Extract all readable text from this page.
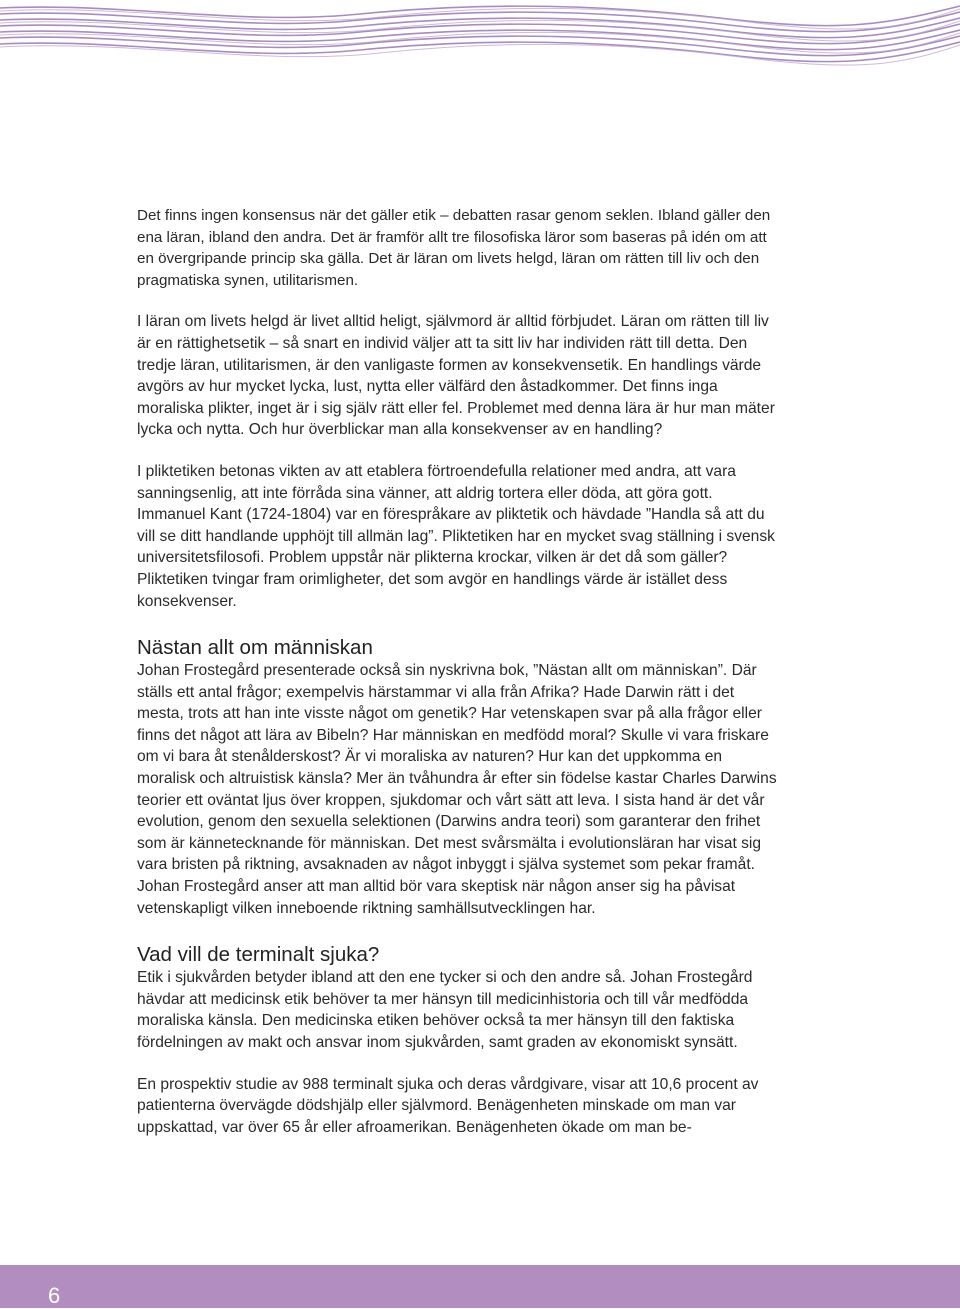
Det finns ingen konsensus när det gäller etik – debatten rasar genom seklen. Ibland gäller den ena läran, ibland den andra. Det är framför allt tre filosofiska läror som baseras på idén om att en övergripande princip ska gälla. Det är läran om livets helgd, läran om rätten till liv och den pragmatiska synen, utilitarismen.

I läran om livets helgd är livet alltid heligt, självmord är alltid förbjudet. Läran om rätten till liv är en rättighetsetik – så snart en individ väljer att ta sitt liv har individen rätt till detta. Den tredje läran, utilitarismen, är den vanligaste formen av konsekvensetik. En handlings värde avgörs av hur mycket lycka, lust, nytta eller välfärd den åstadkommer. Det finns inga moraliska plikter, inget är i sig själv rätt eller fel. Problemet med denna lära är hur man mäter lycka och nytta. Och hur överblickar man alla konsekvenser av en handling?

I pliktetiken betonas vikten av att etablera förtroendefulla relationer med andra, att vara sanningsenlig, att inte förråda sina vänner, att aldrig tortera eller döda, att göra gott. Immanuel Kant (1724-1804) var en förespråkare av pliktetik och hävdade ”Handla så att du vill se ditt handlande upphöjt till allmän lag”. Pliktetiken har en mycket svag ställning i svensk universitetsfilosofi. Problem uppstår när plikterna krockar, vilken är det då som gäller? Pliktetiken tvingar fram orimligheter, det som avgör en handlings värde är istället dess konsekvenser.

Nästan allt om människan

Johan Frostegård presenterade också sin nyskrivna bok, ”Nästan allt om människan”. Där ställs ett antal frågor; exempelvis härstammar vi alla från Afrika? Hade Darwin rätt i det mesta, trots att han inte visste något om genetik? Har vetenskapen svar på alla frågor eller finns det något att lära av Bibeln? Har människan en medfödd moral? Skulle vi vara friskare om vi bara åt stenålderskost? Är vi moraliska av naturen? Hur kan det uppkomma en moralisk och altruistisk känsla? Mer än tvåhundra år efter sin födelse kastar Charles Darwins teorier ett oväntat ljus över kroppen, sjukdomar och vårt sätt att leva. I sista hand är det vår evolution, genom den sexuella selektionen (Darwins andra teori) som garanterar den frihet som är kännetecknande för människan. Det mest svårsmälta i evolutionsläran har visat sig vara bristen på riktning, avsaknaden av något inbyggt i själva systemet som pekar framåt. Johan Frostegård anser att man alltid bör vara skeptisk när någon anser sig ha påvisat vetenskapligt vilken inneboende riktning samhällsutvecklingen har.

Vad vill de terminalt sjuka?

Etik i sjukvården betyder ibland att den ene tycker si och den andre så. Johan Frostegård hävdar att medicinsk etik behöver ta mer hänsyn till medicinhistoria och till vår medfödda moraliska känsla. Den medicinska etiken behöver också ta mer hänsyn till den faktiska fördelningen av makt och ansvar inom sjukvården, samt graden av ekonomiskt synsätt.

En prospektiv studie av 988 terminalt sjuka och deras vårdgivare, visar att 10,6 procent av patienterna övervägde dödshjälp eller självmord. Benägenheten minskade om man var uppskattad, var över 65 år eller afroamerikan. Benägenheten ökade om man be-

6
